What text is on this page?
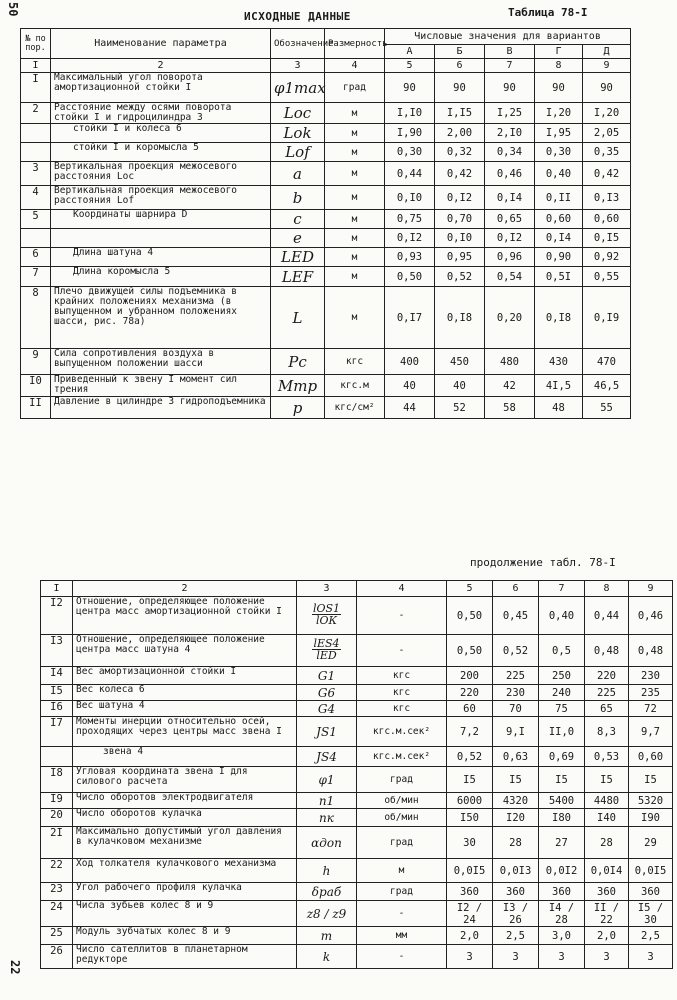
50
ИСХОДНЫЕ ДАННЫЕ	Таблица 78-I
№ по пор.	Наименование параметра	Обозначение	Размерность	Числовые значения для вариантов				
				А	Б	В	Г	Д
I	2	3	4	5	6	7	8	9
I	Максимальный угол поворота амортизационной стойки I	φ1max	град	90	90	90	90	90
2	Расстояние между осями поворота стойки I и гидроцилиндра 3	Loc	м	I,I0	I,I5	I,25	I,20	I,20
	стойки I и колеса 6	Lok	м	I,90	2,00	2,I0	I,95	2,05
	стойки I и коромысла 5	Lof	м	0,30	0,32	0,34	0,30	0,35
3	Вертикальная проекция межосевого расстояния Loc	a	м	0,44	0,42	0,46	0,40	0,42
4	Вертикальная проекция межосевого расстояния Lof	b	м	0,I0	0,I2	0,I4	0,II	0,I3
5	Координаты шарнира D	c	м	0,75	0,70	0,65	0,60	0,60
		e	м	0,I2	0,I0	0,I2	0,I4	0,I5
6	Длина шатуна 4	LED	м	0,93	0,95	0,96	0,90	0,92
7	Длина коромысла 5	LEF	м	0,50	0,52	0,54	0,5I	0,55
8	Плечо движущей силы подъемника в крайних положениях механизма (в выпущенном и убранном положениях шасси, рис. 78а)	L	м	0,I7	0,I8	0,20	0,I8	0,I9
9	Сила сопротивления воздуха в выпущенном положении шасси	Pc	кгс	400	450	480	430	470
I0	Приведенный к звену I момент сил трения	Mтр	кгс.м	40	40	42	4I,5	46,5
II	Давление в цилиндре 3 гидроподъемника	p	кгс/см²	44	52	58	48	55
продолжение табл. 78-I
I	2	3	4	5	6	7	8	9
I2	Отношение, определяющее положение центра масс амортизационной стойки I	$\frac{\text{lОS1}}{\text{lОК}}$	-	0,50	0,45	0,40	0,44	0,46
I3	Отношение, определяющее положение центра масс шатуна 4	$\frac{\text{lES4}}{\text{lED}}$	-	0,50	0,52	0,5	0,48	0,48
I4	Вес амортизационной стойки I	G1	кгс	200	225	250	220	230
I5	Вес колеса 6	G6	кгс	220	230	240	225	235
I6	Вес шатуна 4	G4	кгс	60	70	75	65	72
I7	Моменты инерции относительно осей, проходящих через центры масс звена I	JS1	кгс.м.сек²	7,2	9,I	II,0	8,3	9,7
	звена 4	JS4	кгс.м.сек²	0,52	0,63	0,69	0,53	0,60
I8	Угловая координата звена I для силового расчета	φ1	град	I5	I5	I5	I5	I5
I9	Число оборотов электродвигателя	n1	об/мин	6000	4320	5400	4480	5320
20	Число оборотов кулачка	nк	об/мин	I50	I20	I80	I40	I90
2I	Максимально допустимый угол давления в кулачковом механизме	αдоп	град	30	28	27	28	29
22	Ход толкателя кулачкового механизма	h	м	0,0I5	0,0I3	0,0I2	0,0I4	0,0I5
23	Угол рабочего профиля кулачка	δраб	град	360	360	360	360	360
24	Числа зубьев колес 8 и 9	z8 / z9	-	I2 / 24	I3 / 26	I4 / 28	II / 22	I5 / 30
25	Модуль зубчатых колес 8 и 9	m	мм	2,0	2,5	3,0	2,0	2,5
26	Число сателлитов в планетарном редукторе	k	-	3	3	3	3	3
22
